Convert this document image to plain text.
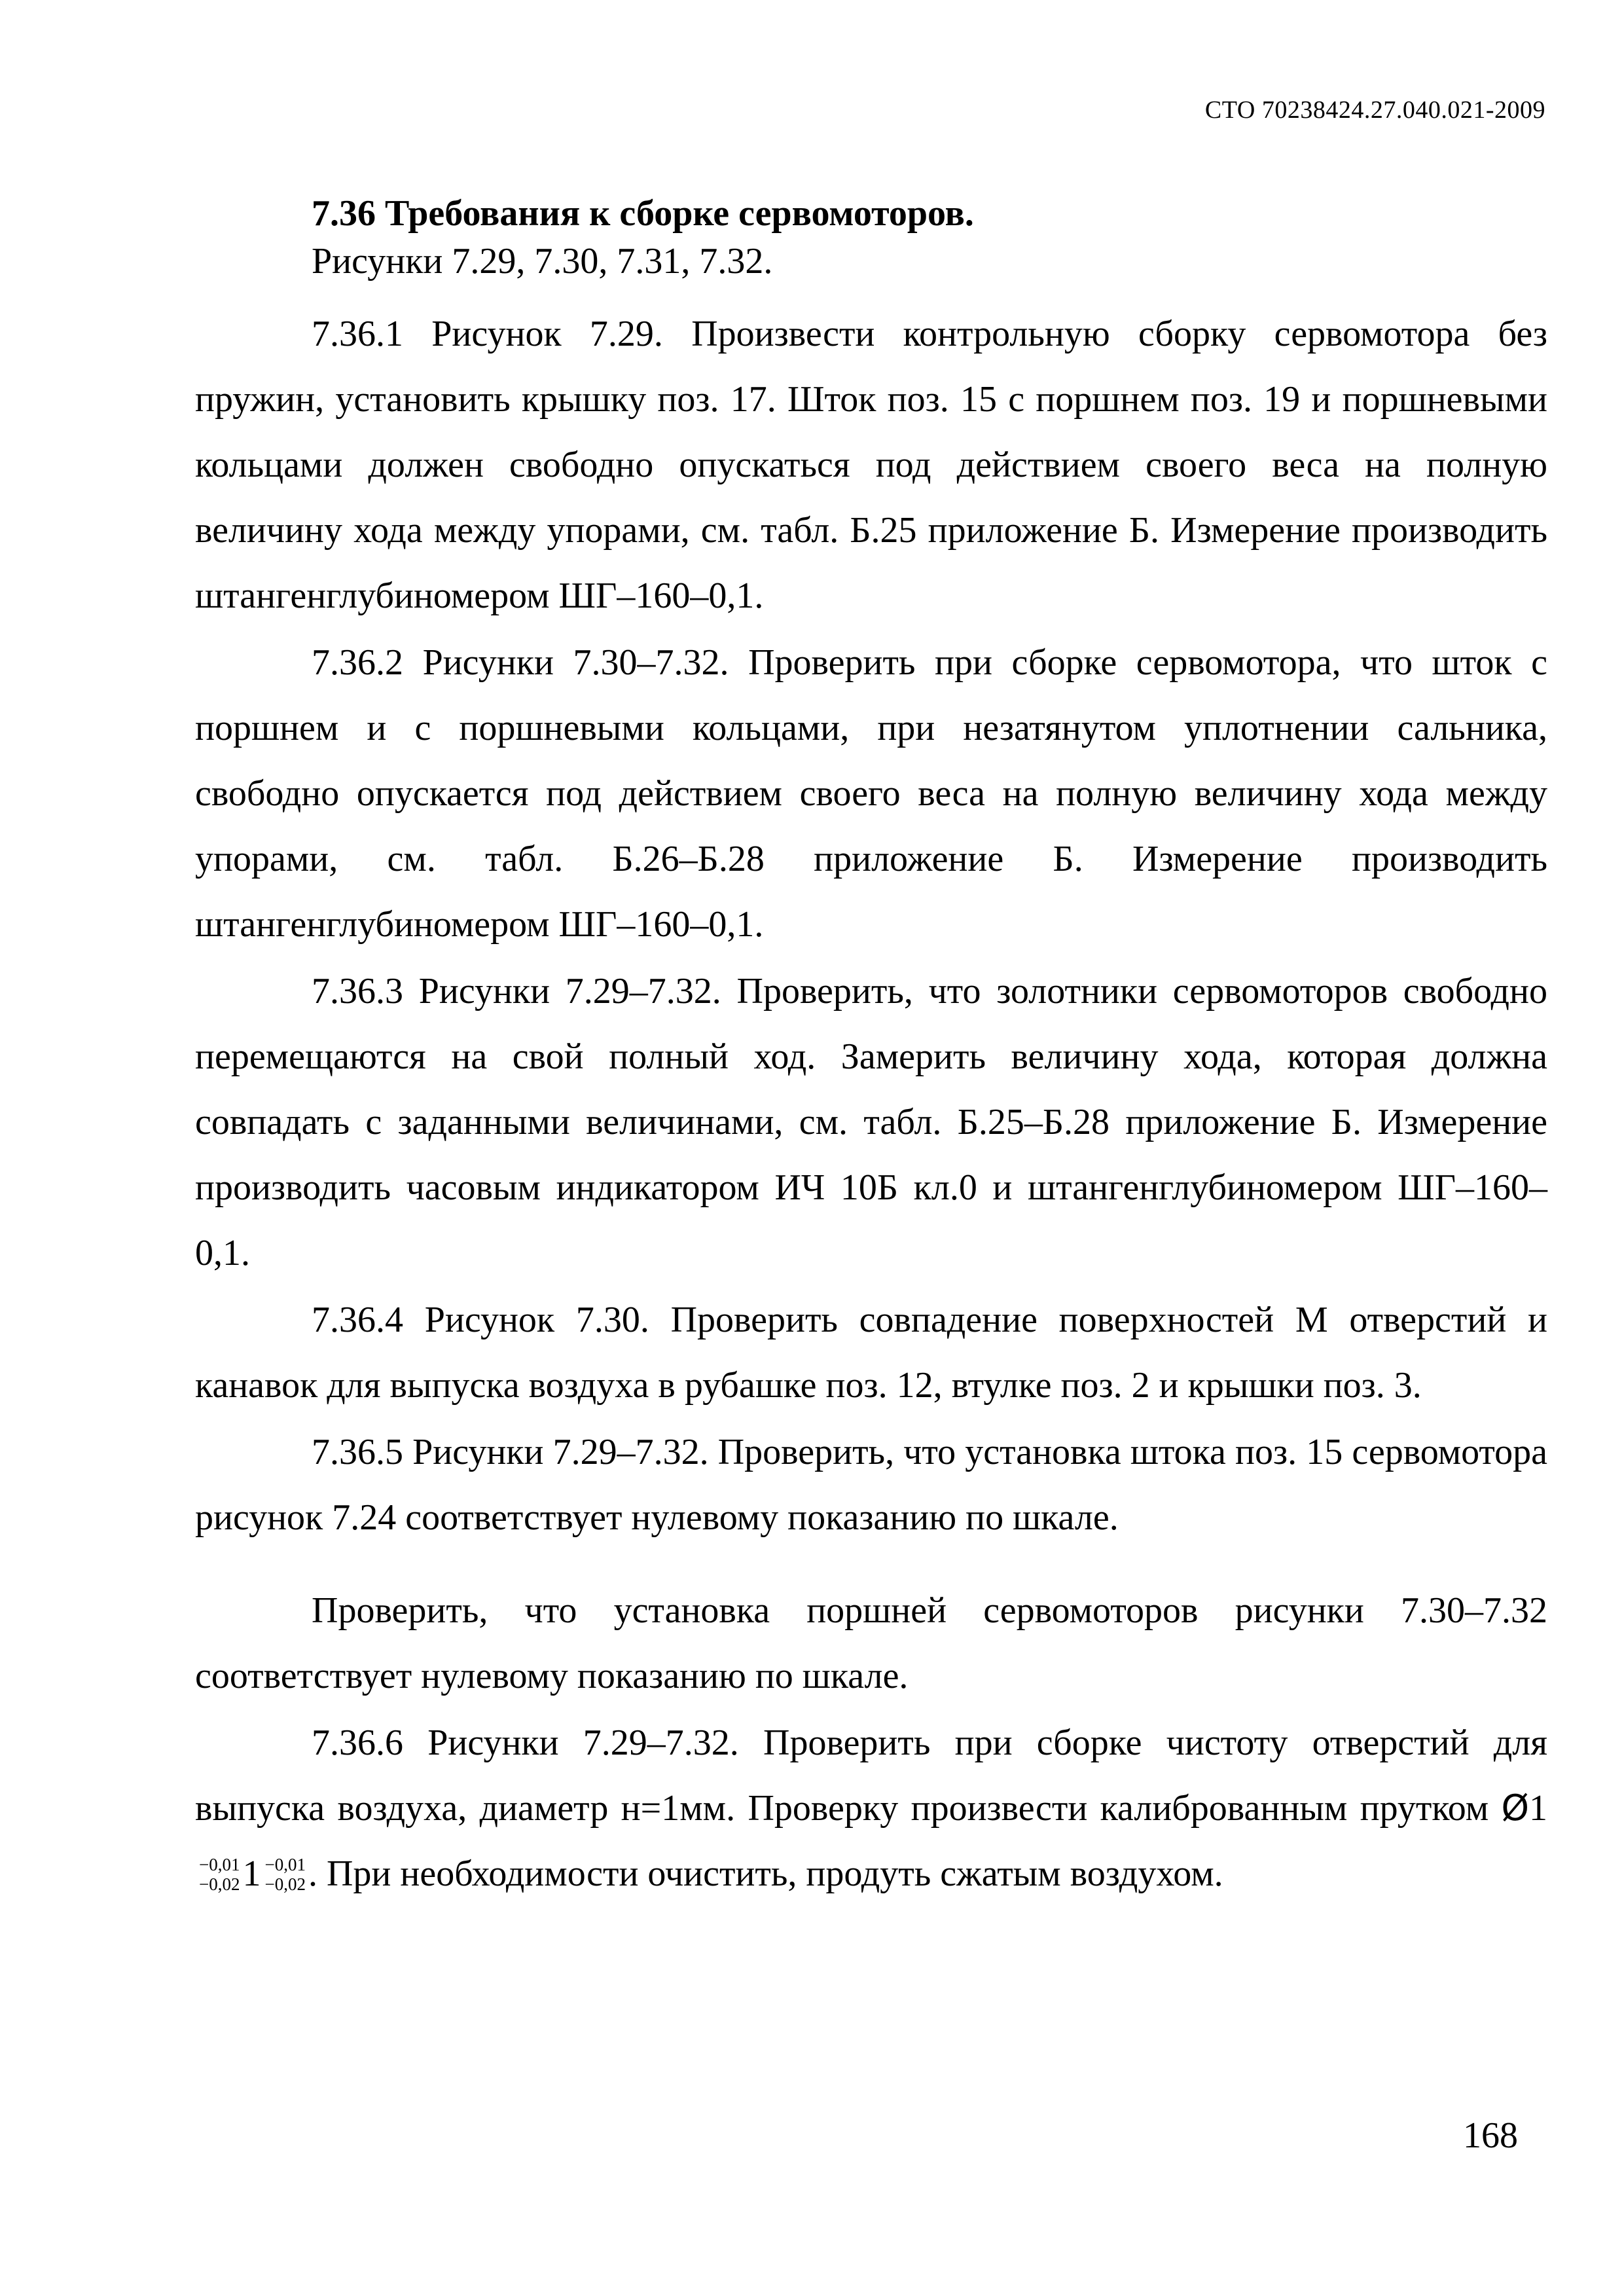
СТО 70238424.27.040.021-2009
7.36 Требования к сборке сервомоторов.
Рисунки 7.29, 7.30, 7.31, 7.32.

7.36.1 Рисунок 7.29. Произвести контрольную сборку сервомотора без пружин, установить крышку поз. 17. Шток поз. 15 с поршнем поз. 19 и поршневыми кольцами должен свободно опускаться под действием своего веса на полную величину хода между упорами, см. табл. Б.25 приложение Б. Измерение производить штангенглубиномером ШГ–160–0,1.

7.36.2 Рисунки 7.30–7.32. Проверить при сборке сервомотора, что шток с поршнем и с поршневыми кольцами, при незатянутом уплотнении сальника, свободно опускается под действием своего веса на полную величину хода между упорами, см. табл. Б.26–Б.28 приложение Б. Измерение производить штангенглубиномером ШГ–160–0,1.

7.36.3 Рисунки 7.29–7.32. Проверить, что золотники сервомоторов свободно перемещаются на свой полный ход. Замерить величину хода, которая должна совпадать с заданными величинами, см. табл. Б.25–Б.28 приложение Б. Измерение производить часовым индикатором ИЧ 10Б кл.0 и штангенглубиномером ШГ–160–0,1.

7.36.4 Рисунок 7.30. Проверить совпадение поверхностей М отверстий и канавок для выпуска воздуха в рубашке поз. 12, втулке поз. 2 и крышки поз. 3.

7.36.5 Рисунки 7.29–7.32. Проверить, что установка штока поз. 15 сервомотора рисунок 7.24 соответствует нулевому показанию по шкале.

Проверить, что установка поршней сервомоторов рисунки 7.30–7.32 соответствует нулевому показанию по шкале.

7.36.6 Рисунки 7.29–7.32. Проверить при сборке чистоту отверстий для выпуска воздуха, диаметр н=1мм. Проверку произвести калиброванным прутком Ø1
−0,01
−0,02 1 −0,01
−0,02 . При необходимости очистить, продуть сжатым воздухом.

168
